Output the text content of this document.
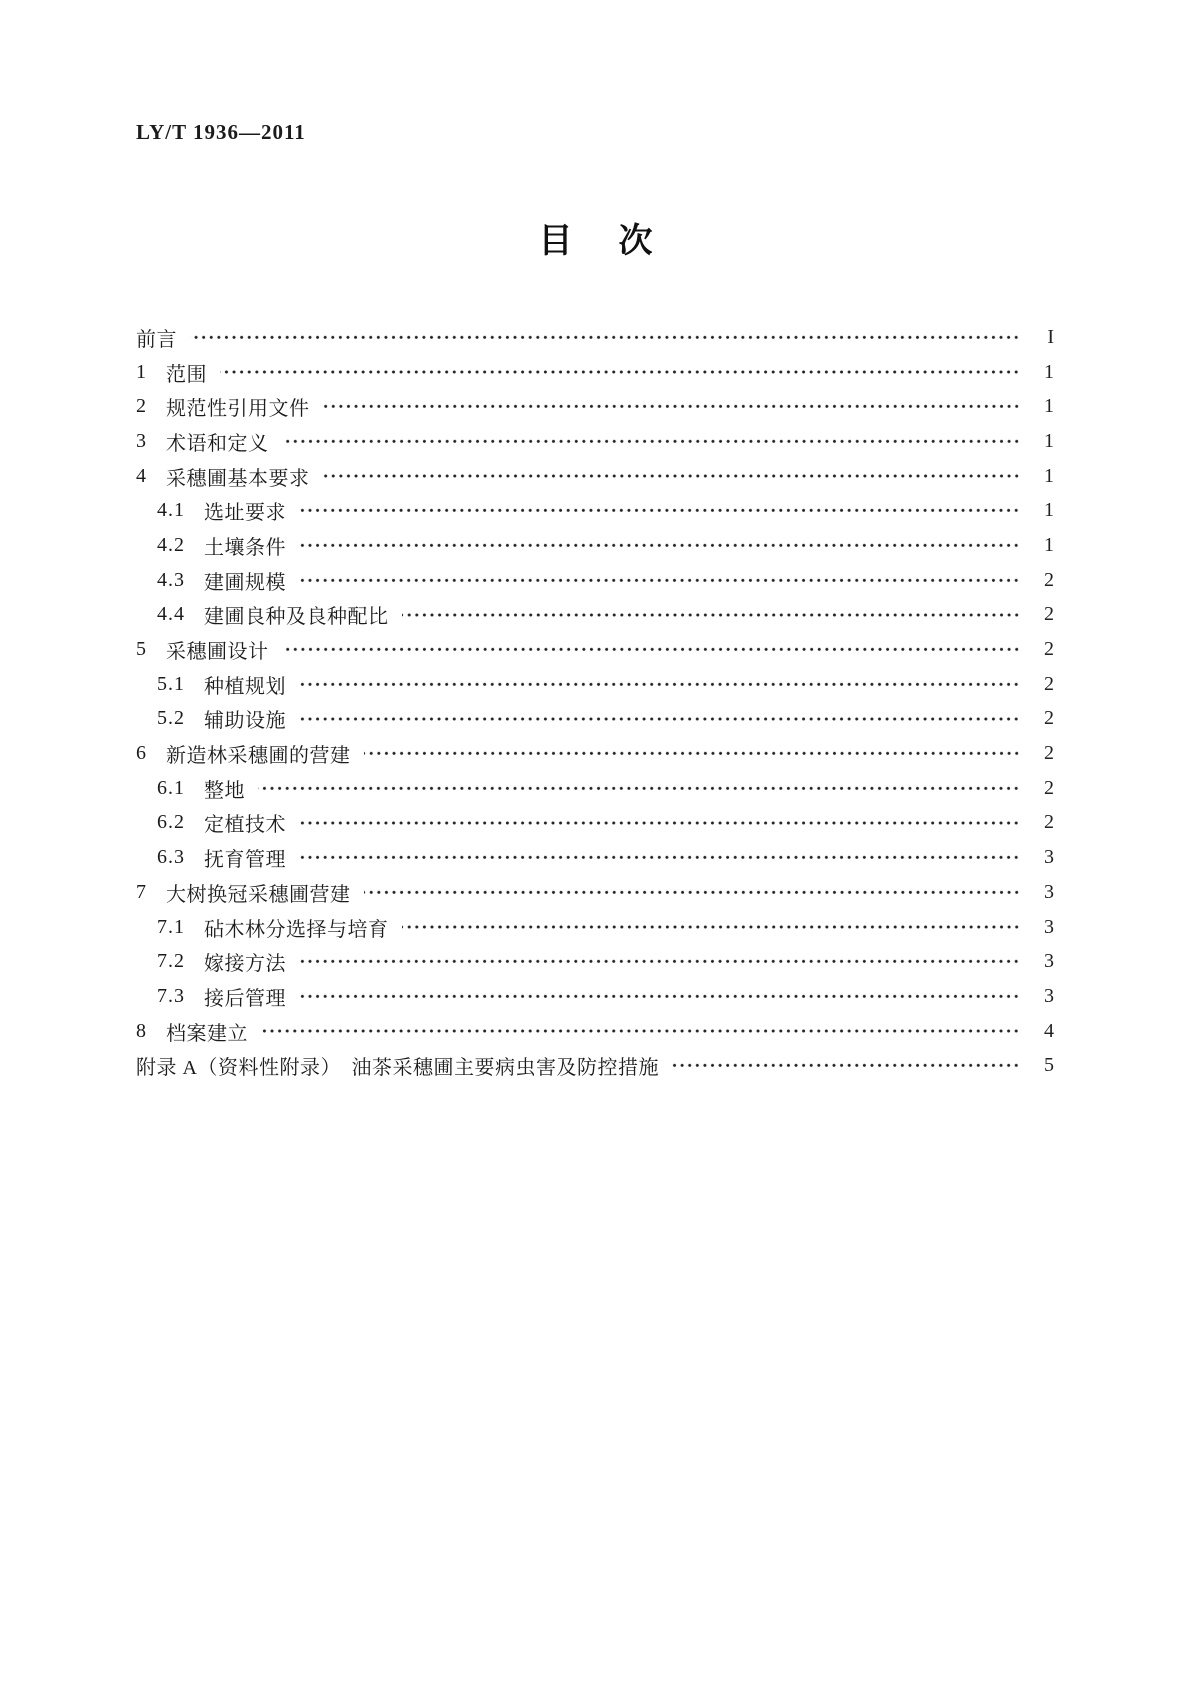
LY/T 1936—2011
目 次
前言	I
1 范围	1
2 规范性引用文件	1
3 术语和定义	1
4 采穗圃基本要求	1
4.1 选址要求	1
4.2 土壤条件	1
4.3 建圃规模	2
4.4 建圃良种及良种配比	2
5 采穗圃设计	2
5.1 种植规划	2
5.2 辅助设施	2
6 新造林采穗圃的营建	2
6.1 整地	2
6.2 定植技术	2
6.3 抚育管理	3
7 大树换冠采穗圃营建	3
7.1 砧木林分选择与培育	3
7.2 嫁接方法	3
7.3 接后管理	3
8 档案建立	4
附录 A（资料性附录）　油茶采穗圃主要病虫害及防控措施	5
